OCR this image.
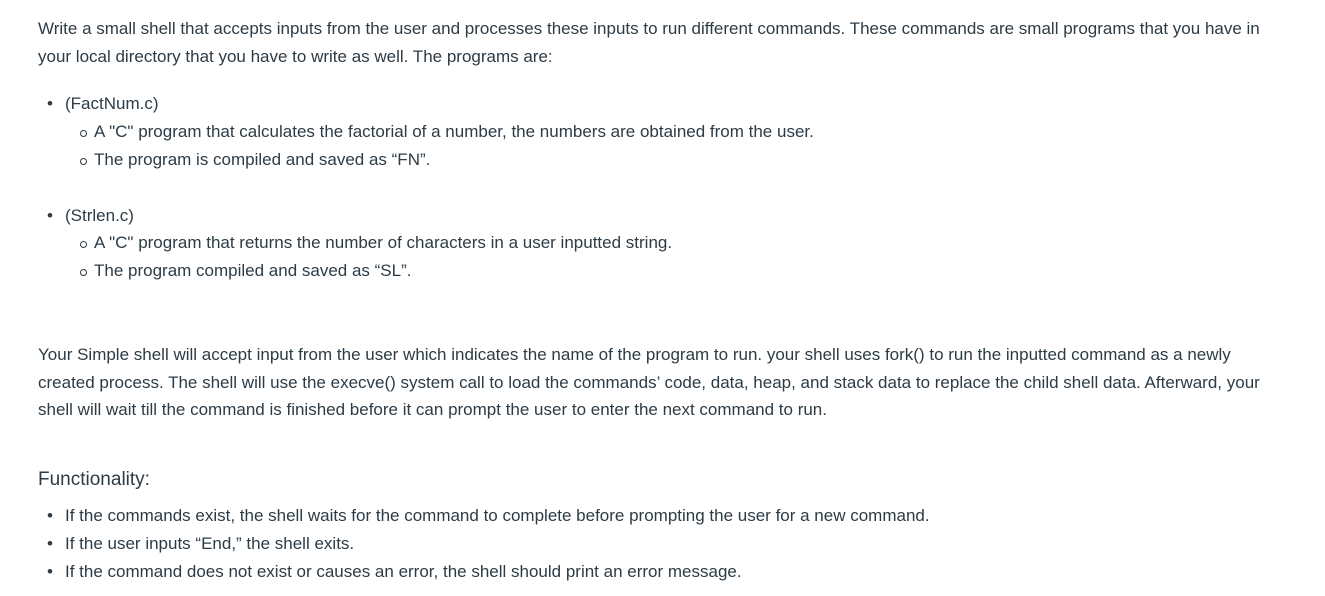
Write a small shell that accepts inputs from the user and processes these inputs to run different commands. These commands are small programs that you have in your local directory that you have to write as well. The programs are:

• (FactNum.c)
A "C" program that calculates the factorial of a number, the numbers are obtained from the user.
The program is compiled and saved as “FN”.
• (Strlen.c)
A "C" program that returns the number of characters in a user inputted string.
The program compiled and saved as “SL”.

Your Simple shell will accept input from the user which indicates the name of the program to run. your shell uses fork() to run the inputted command as a newly created process. The shell will use the execve() system call to load the commands’ code, data, heap, and stack data to replace the child shell data. Afterward, your shell will wait till the command is finished before it can prompt the user to enter the next command to run.

Functionality:
• If the commands exist, the shell waits for the command to complete before prompting the user for a new command.
• If the user inputs “End,” the shell exits.
• If the command does not exist or causes an error, the shell should print an error message.
